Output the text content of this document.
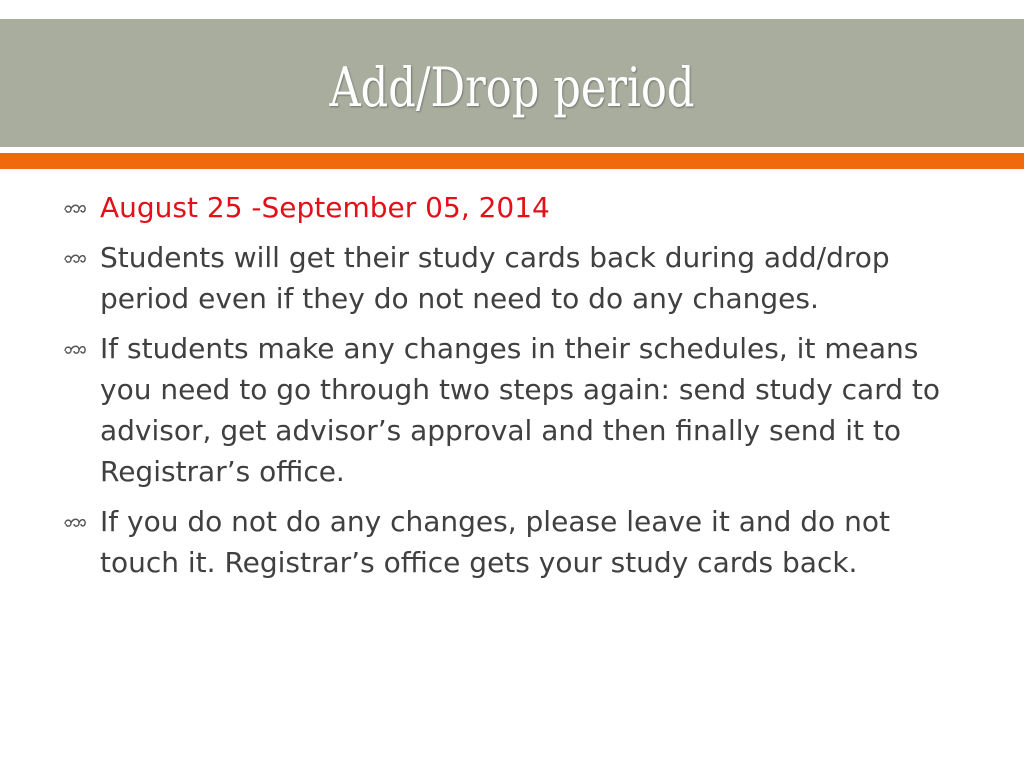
Add/Drop period
August 25 -September 05, 2014
Students will get their study cards back during add/drop period even if they do not need to do any changes.
If students make any changes in their schedules, it means you need to go through two steps again: send study card to advisor, get advisor’s approval and then finally send it to Registrar’s office.
If you do not do any changes, please leave it and do not touch it. Registrar’s office gets your study cards back.
